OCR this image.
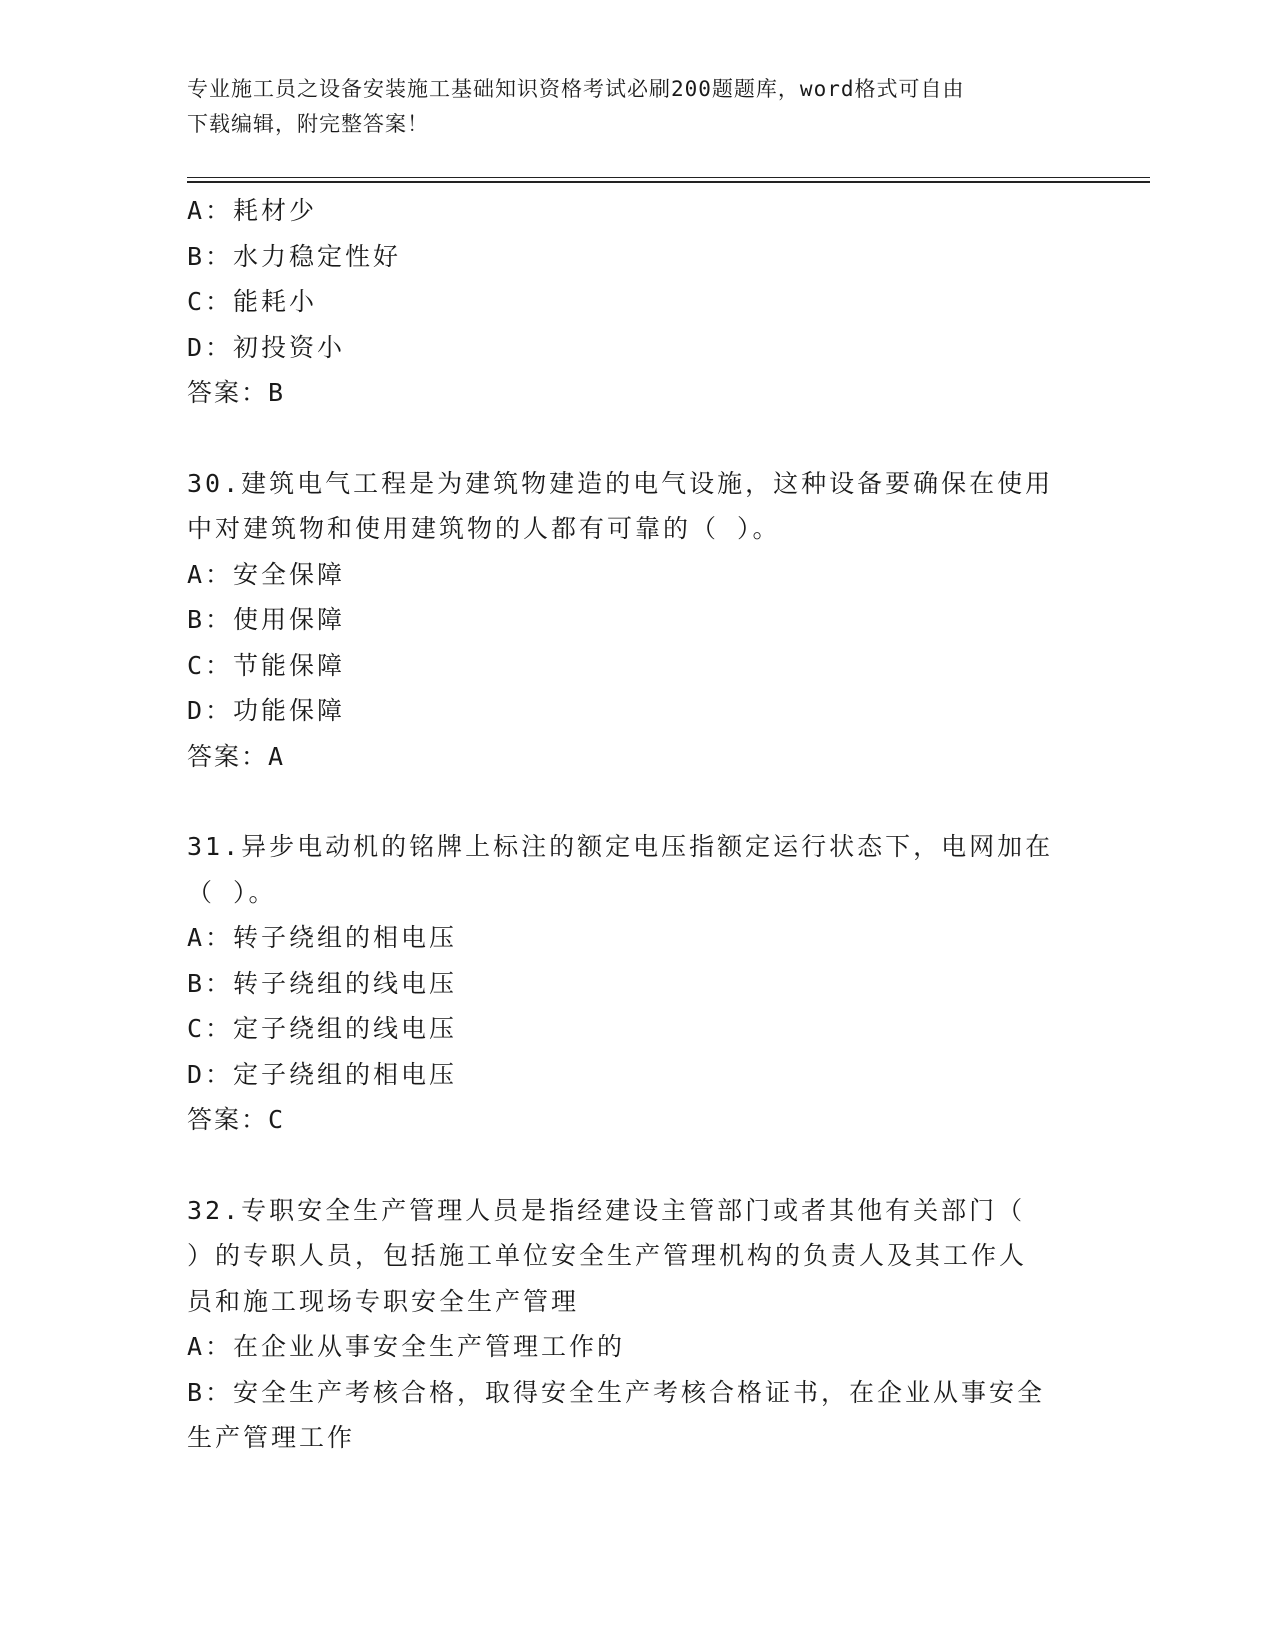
专业施工员之设备安装施工基础知识资格考试必刷200题题库，word格式可自由
下载编辑，附完整答案！
A：耗材少
B：水力稳定性好
C：能耗小
D：初投资小
答案：B
30.建筑电气工程是为建筑物建造的电气设施，这种设备要确保在使用
中对建筑物和使用建筑物的人都有可靠的（ ）。
A：安全保障
B：使用保障
C：节能保障
D：功能保障
答案：A
31.异步电动机的铭牌上标注的额定电压指额定运行状态下，电网加在
（ ）。
A：转子绕组的相电压
B：转子绕组的线电压
C：定子绕组的线电压
D：定子绕组的相电压
答案：C
32.专职安全生产管理人员是指经建设主管部门或者其他有关部门（
）的专职人员，包括施工单位安全生产管理机构的负责人及其工作人
员和施工现场专职安全生产管理
A：在企业从事安全生产管理工作的
B：安全生产考核合格，取得安全生产考核合格证书，在企业从事安全
生产管理工作
